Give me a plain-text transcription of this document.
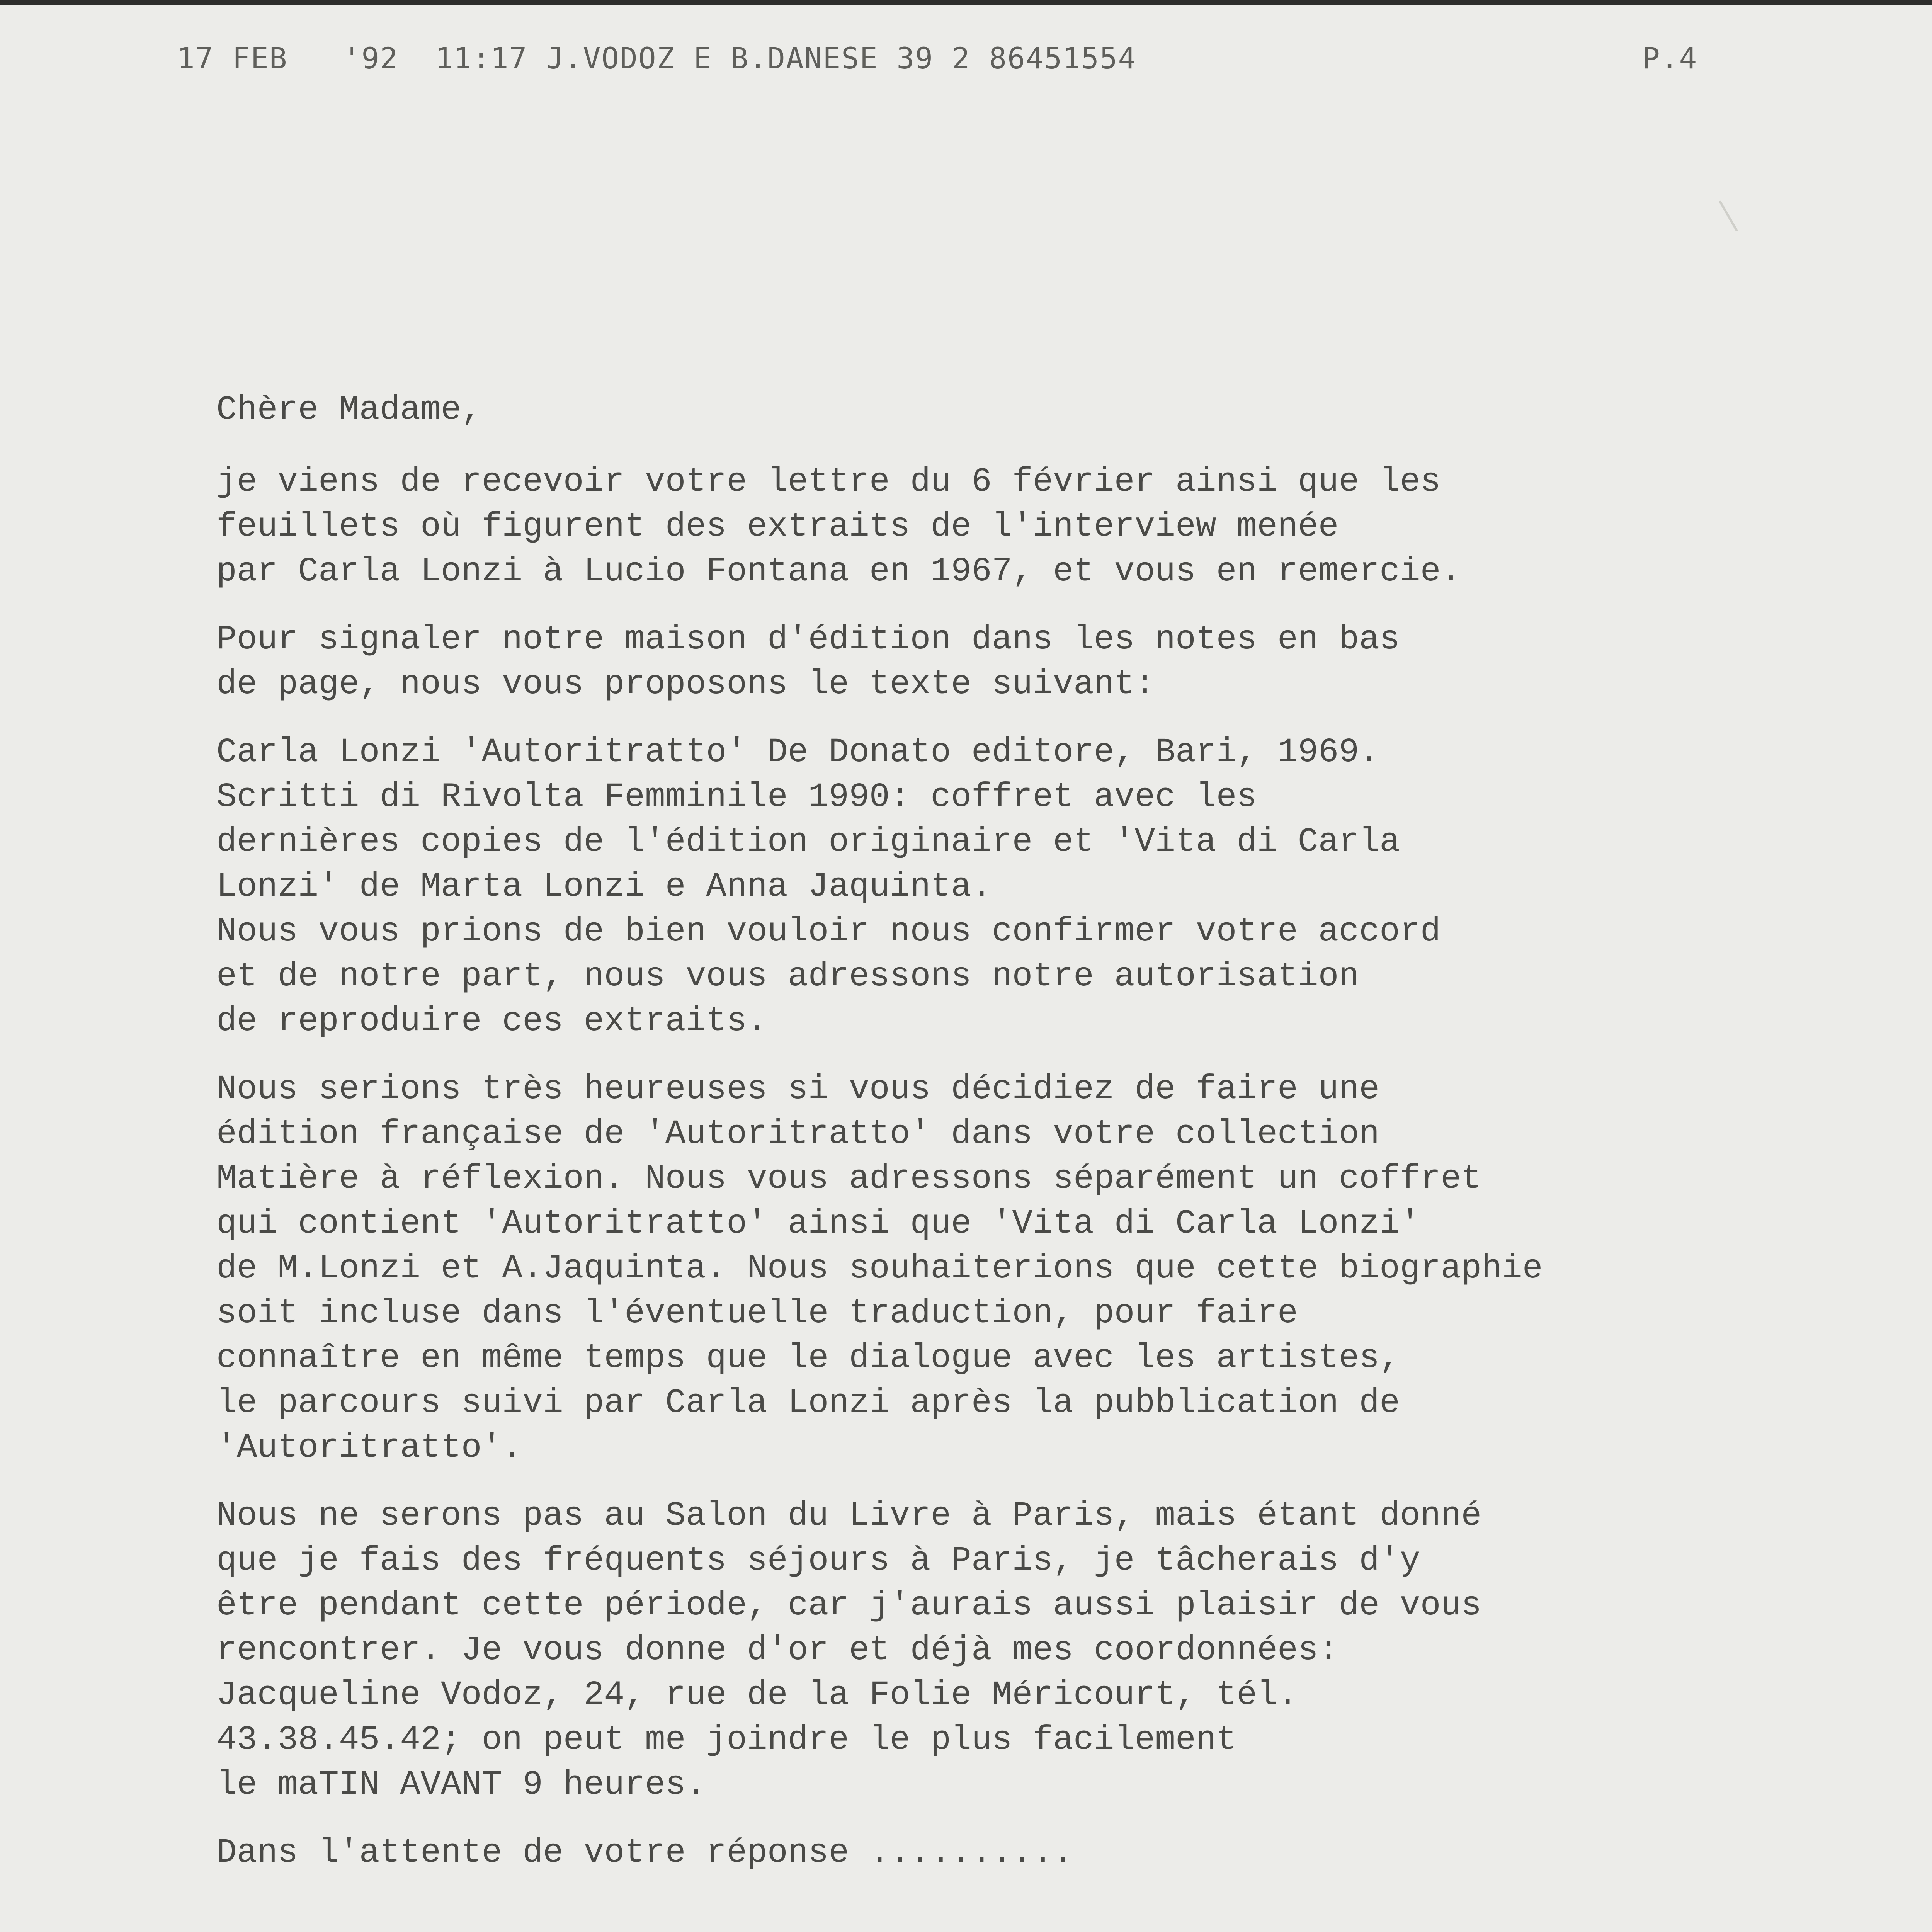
17 FEB   '92  11:17 J.VODOZ E B.DANESE 39 2 86451554	P.4

Chère Madame,

je viens de recevoir votre lettre du 6 février ainsi que les
feuillets où figurent des extraits de l'interview menée
par Carla Lonzi à Lucio Fontana en 1967, et vous en remercie.

Pour signaler notre maison d'édition dans les notes en bas
de page, nous vous proposons le texte suivant:

Carla Lonzi 'Autoritratto' De Donato editore, Bari, 1969.
Scritti di Rivolta Femminile 1990: coffret avec les
dernières copies de l'édition originaire et 'Vita di Carla
Lonzi' de Marta Lonzi e Anna Jaquinta.
Nous vous prions de bien vouloir nous confirmer votre accord
et de notre part, nous vous adressons notre autorisation
de reproduire ces extraits.

Nous serions très heureuses si vous décidiez de faire une
édition française de 'Autoritratto' dans votre collection
Matière à réflexion. Nous vous adressons séparément un coffret
qui contient 'Autoritratto' ainsi que 'Vita di Carla Lonzi'
de M.Lonzi et A.Jaquinta. Nous souhaiterions que cette biographie
soit incluse dans l'éventuelle traduction, pour faire
connaître en même temps que le dialogue avec les artistes,
le parcours suivi par Carla Lonzi après la pubblication de
'Autoritratto'.

Nous ne serons pas au Salon du Livre à Paris, mais étant donné
que je fais des fréquents séjours à Paris, je tâcherais d'y
être pendant cette période, car j'aurais aussi plaisir de vous
rencontrer. Je vous donne d'or et déjà mes coordonnées:
Jacqueline Vodoz, 24, rue de la Folie Méricourt, tél.
43.38.45.42; on peut me joindre le plus facilement
le maTIN AVANT 9 heures.

Dans l'attente de votre réponse ..........
